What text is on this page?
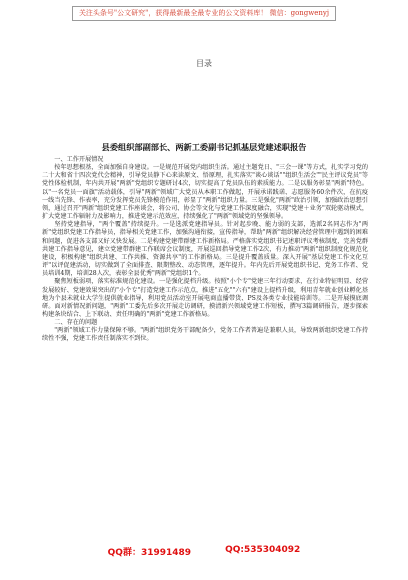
关注头条号"公文研究"，获得最新最全最专业的公文资料库！ 微信：gongwenyj
目录
县委组织部副部长、两新工委副书记抓基层党建述职报告
一、工作开展情况

按年思想根基，全面加强自身建设。一是规范开展党内组织生活。通过主题党日、"三会一课"等方式，扎实学习党的二十大和省十四次党代会精神，引导党员静下心来读原文、悟原理，扎实落实"谈心谈话""组织生活会""民主评议党员"等党性体检机制，年内共开展"两新"党组织专题研讨4次，切实提高了党员队伍的素质能力。二是以服务彰显"两新"特色。以"一名党员一面旗"活动载体，引导"两新"领域广大党员从本职工作做起，开展承诺践诺、志愿服务60余件次，在抗疫一线当先锋、作表率，充分发挥党员先锋模范作用，彰显了"两新"组织力量。三是强化"两新"政治引领，加强政治思想引领，通过召开"两新"组织党建工作座谈会，将公司、协会等文化与党建工作深度融合，实现"党建＋业务"双轮驱动模式，扩大党建工作辐射力及影响力，推进党建示范效应，持续强化了"两新"领域党的坚强领导。

坚持党建指导，"两个覆盖"持续提升。一是选派党建指导员。针对起步晚、能力弱的支部，选派2名同志作为"两新"党组织党建工作指导员，指导相关党建工作，加强沟通衔接，宣传指导，帮助"两新"组织解决经营管理中遇到的困难和问题，促进各支部又好又快发展。二是构建党建带群建工作新格局。严格落实党组织书记述职评议考核制度，完善党群共建工作指导意见，建立党建带群建工作联席会议制度，开展巡回指导党建工作2次，有力推动"两新"组织制度化规范化建设，积极构建"组织共建、工作共推、资源共享"的工作新格局。三是提升覆盖质量。深入开展"基层党建工作文化互评"以评促建活动，切实做到了全面排查、限期整改、动态管理，逐年提升。年内先后开展党组织书记、党务工作者、党员培训4期，培训28人次，表彰全县优秀"两新"党组织1个。

聚焦短板弱项，落实标准规范化建设。一是强化提档升级。按照"小个专"党建三年行动要求，在行业特征明显、经营发展较好、党建效果突出的"小个专"打造党建工作示范点，推进"五化""六有"建设上提档升级，利用青年就业创业孵化基地为个县未就业大学生提供就业指导，利用党员活动室开展电商直播带货、PS及各类专业技能培训等。二是开展摸底调研。面对新情况新问题，"两新"工委先后多次开展走访调研，摸清新兴领域党建工作短板，撰写3篇调研报告，逐步探索构建条块结合、上下联动、责任明确的"两新"党建工作新格局。

二、存在的问题

"两新"领域工作力量保障不够。"两新"组织党务干部配备少，党务工作者普遍是兼职人员，导致两新组织党建工作持续性不强，党建工作责任制落实不到位。

QQ群：31991489	QQ:535304092
